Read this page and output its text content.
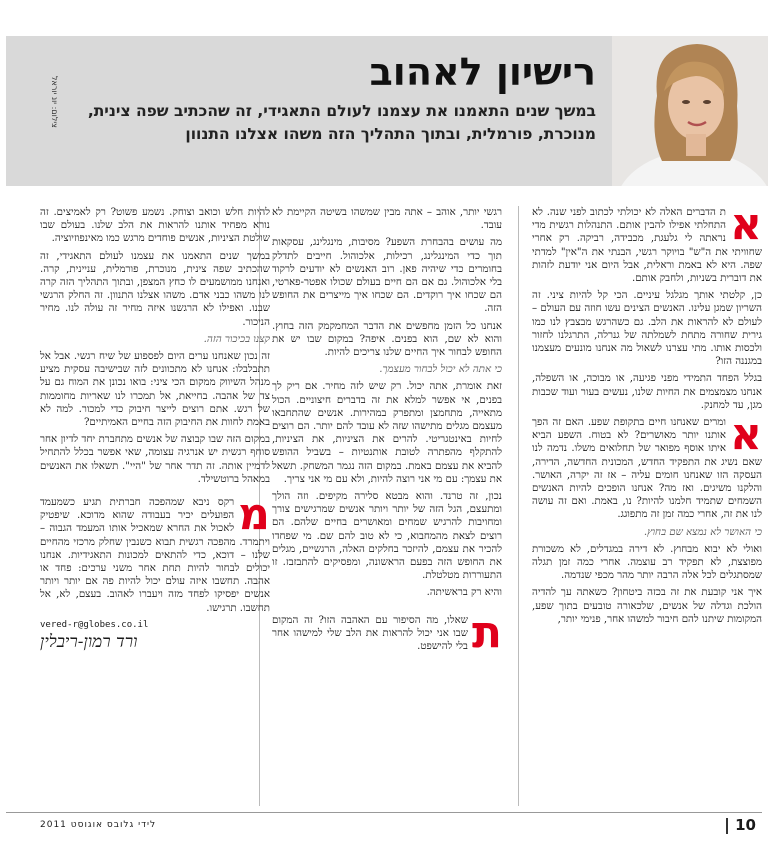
רישיון לאהוב
במשך שנים התאמנו את עצמנו לעולם התאגידי, זה שהכתיב שפה צינית, מנוכרת, פורמלית, ובתוך התהליך הזה משהו אצלנו התנוון
צילום: יונ יוראל

א
ת הדברים האלה לא יכולתי לכתוב לפני שנה. לא התחלתי אפילו להבין אותם. התנהלות רגשית מדי נראתה לי גלעגת, מכבידה, רביקה. רק אחרי שחוויתי את ה"ש" בויוקר רגשי, הבנתי את ה"אין" למדתי שפה. היא לא באמת וראלית, אבל היום אני יודעת לזהות את דוברית בשניות, ולחבק אותם.

כן, קלטתי אותך מגלגל עיניים. הכי קל להיות ציני. זה השריון שמגן עלינו. האנשים הצינים עשו חוזה עם העולם – לעולם לא להראות את הלב. גם כשהרגש מבצבץ לנו כמו גירית שחורה מתחת לשמלתה של גנרלה, התרגלנו לחזור ולכסות אותו. מתי עצרנו לשאול מה אנחנו מונעים מעצמנו במגננה הזו?

בגלל הפחד התמידי מפני פגיעה, או מבוכה, או השפלה, אנחנו מצמצמים את החיות שלנו, נעשים בעור ועוד שכבות מגן, עד למחנק.

א
ומרים שאנחנו חיים בתקופת שפע. האם זה הפך אותנו יותר מאושרים? לא בטוח. השפע הביא איתו אוסף מפואר של תחלואים משלו. נדמה לנו שאם נשיג את התפקיד החדש, המכונית החדשה, הדירה, העסקה הזו שאנחנו חומים עליה – אז זה יקרה, האושר. והלקנו משיגים. ואז מה? אנחנו הופכים להיות האנשים השמחים שתמיד חלמנו להיות? נו, באמת. ואם זה עושה לנו את זה, אחרי כמה זמן זה מתפוגג.

כי האושר לא נמצא שם בחוץ.

ואולי לא יבוא מבחוץ. לא דירה במגדלים, לא משכורת מפוצצת, לא תפקיד רב עוצמה. אחרי כמה זמן תגלה שמסתגלים לכל אלה הרבה יותר מהר מכפי שנדמה.

איך אני קובעת את זה בכזה ביטחון? כשאתה עך להדיה הולכת וגדלה של אנשים, שלכאורה טובעים בתוך שפע, המקומות שיתנו להם חיבור למשהו אחר, פנימי יותר,

רגשי יותר, אוהב – אתה מבין שמשהו בשיטה הקיימת לא עובד.

מה עושים בהבחרת השפע? מסיבות, מינגלינג, עסקאות תוך כדי המינגלינג, רכילות, אלכוהול. חייבים לתדלק בחומרים כדי שיהיה פאן. רוב האנשים לא יודעים לרקוד בלי אלכוהול. גם אם הם חיים בעולם שכולו אפטר-פארטי, הם שכחו איך רוקדים. הם שכחו איך מייצרים את החופש הזה.

אנחנו כל הזמן מחפשים את הדבר המחמקמק הזה בחוץ. והוא לא שם, הוא בפנים. איפה? במקום שבו יש את החופש לבחור איך החיים שלנו צריכים להיות.

כי אתה לא יכול לבחור מעצמך.

זאת אומרת, אתה יכול. רק שיש לזה מחיר. אם ריק לך בפנים, אי אפשר למלא את זה בדברים חיצוניים. הכול מתאייה, מתחמצן ומתפרק במהירות. אנשים שהתחבאו מעצמם מגלים מתישהו שזה לא עובד להם יותר. הם רוצים לחיות באינטגריטי. להרים את הציניות, את הציניות, להתקלף מהפתרה לטובת אותנטיות – בשביל ההופש להביא את עצמם באמת. במקום הזה נגמר המשחק. תשאל את עצמך: עם מי אני רוצה להיות, ולא עם מי אני צריך.

נכון, זה טרנד. והוא מבטא סלירה מקיפים. וזה הולך ומתעצם, הגל הזה של יותר ויותר אנשים שמרגישים צורך ומחויבות להרגיש שמחים ומאושרים בחיים שלהם. הם רוצים לצאת מהמחבוא, כי לא טוב להם שם. מי שפחדו להכיר את עצמם, להיזכר בחלקים האלה, הרגשיים, מגלים את החופש הזה בפעם הראשונה, ומפסיקים להתבזבז. זו התעוררות מטלטלת.

והיא רק בראשיתה.

ת
שאלו, מה הסיפור עם האהבה הזו? זה המקום שבו אני יכול להראות את הלב שלי למישהו אחר בלי להישפט.

להיות חלש וכואב וצוחק. נשמע פשוט? רק לאמיצים. זה נורא מפחיד אותנו להראות את הלב שלנו. בעולם שבו שולטת הציניות, אנשים פוחדים מרגש כמו מאינפוזיוציה.

במשך שנים התאמנו את עצמנו לעולם התאגידי, זה שהכתיב שפה צינית, מנוכרת, פורמלית, עניינית, קרה. ואנחנו ממושמעים לו כחץ המצפן, ובתוך התהליך הזה קרה לנו משהו כבני אדם. משהו אצלנו התנוון. זה החלק הרגשי שבנו. ואפילו לא הרגשנו איזה מחיר זה עולה לנו. מחיר הניכור.

קצנו בכיכור הזה.

זה נכון שאנחנו ערים היום לפספוע של שיח רגשי. אבל אל תתבלבלו: אנחנו לא מתכוונים לזה שבישיבה עסקית מציע מנהל השיווק ממקום הכי ציני: בואו נכונן את המוח גם על צד של אהבה. בחייאת, אל תמכרו לנו שאריות מחוממות של רגש. אתם רוצים לייצר חיבוק כדי למכור. למה לא באמת לחוות את החיבוק הזה בחיים האמיתיים?

במקום הזה שבו קבוצה של אנשים מתחברת יחד לדיון אחר סוחף רגשית יש אנרגיה עצומה, שאי אפשר בכלל להתחיל לדמיין אותה. זה תדר אחר של "היי". תשאלו את האנשים במאהל ברוטשילד.

מ
רקס ניבא שמהפכה חברתית תגיע כשמעמד הפועלים יכיר בעבודה שהוא מדוכא. שיפטיק לאכול את החרא שמאכיל אותו המעמד הגבוה – ויתמרד. מהפכה רגשית תבוא כשנבין שחלק מרכזי מהחיים שלנו – דוכא, כדי להתאים למכונות התאגידיות. אנחנו יכולים לבחור להיות תחת אחר משני ערכים: פחד או אהבה. תחשבו איזה עולם יכול להיות פה אם יותר ויותר אנשים יפסיקו לפחד מזה ויעברו לאהוב. בעצם, לא, אל תחשבו. תרגישו.

vered-r@globes.co.il

ורד רמון-ריבלין

10
לידי גלובס אוגוסט 2011
